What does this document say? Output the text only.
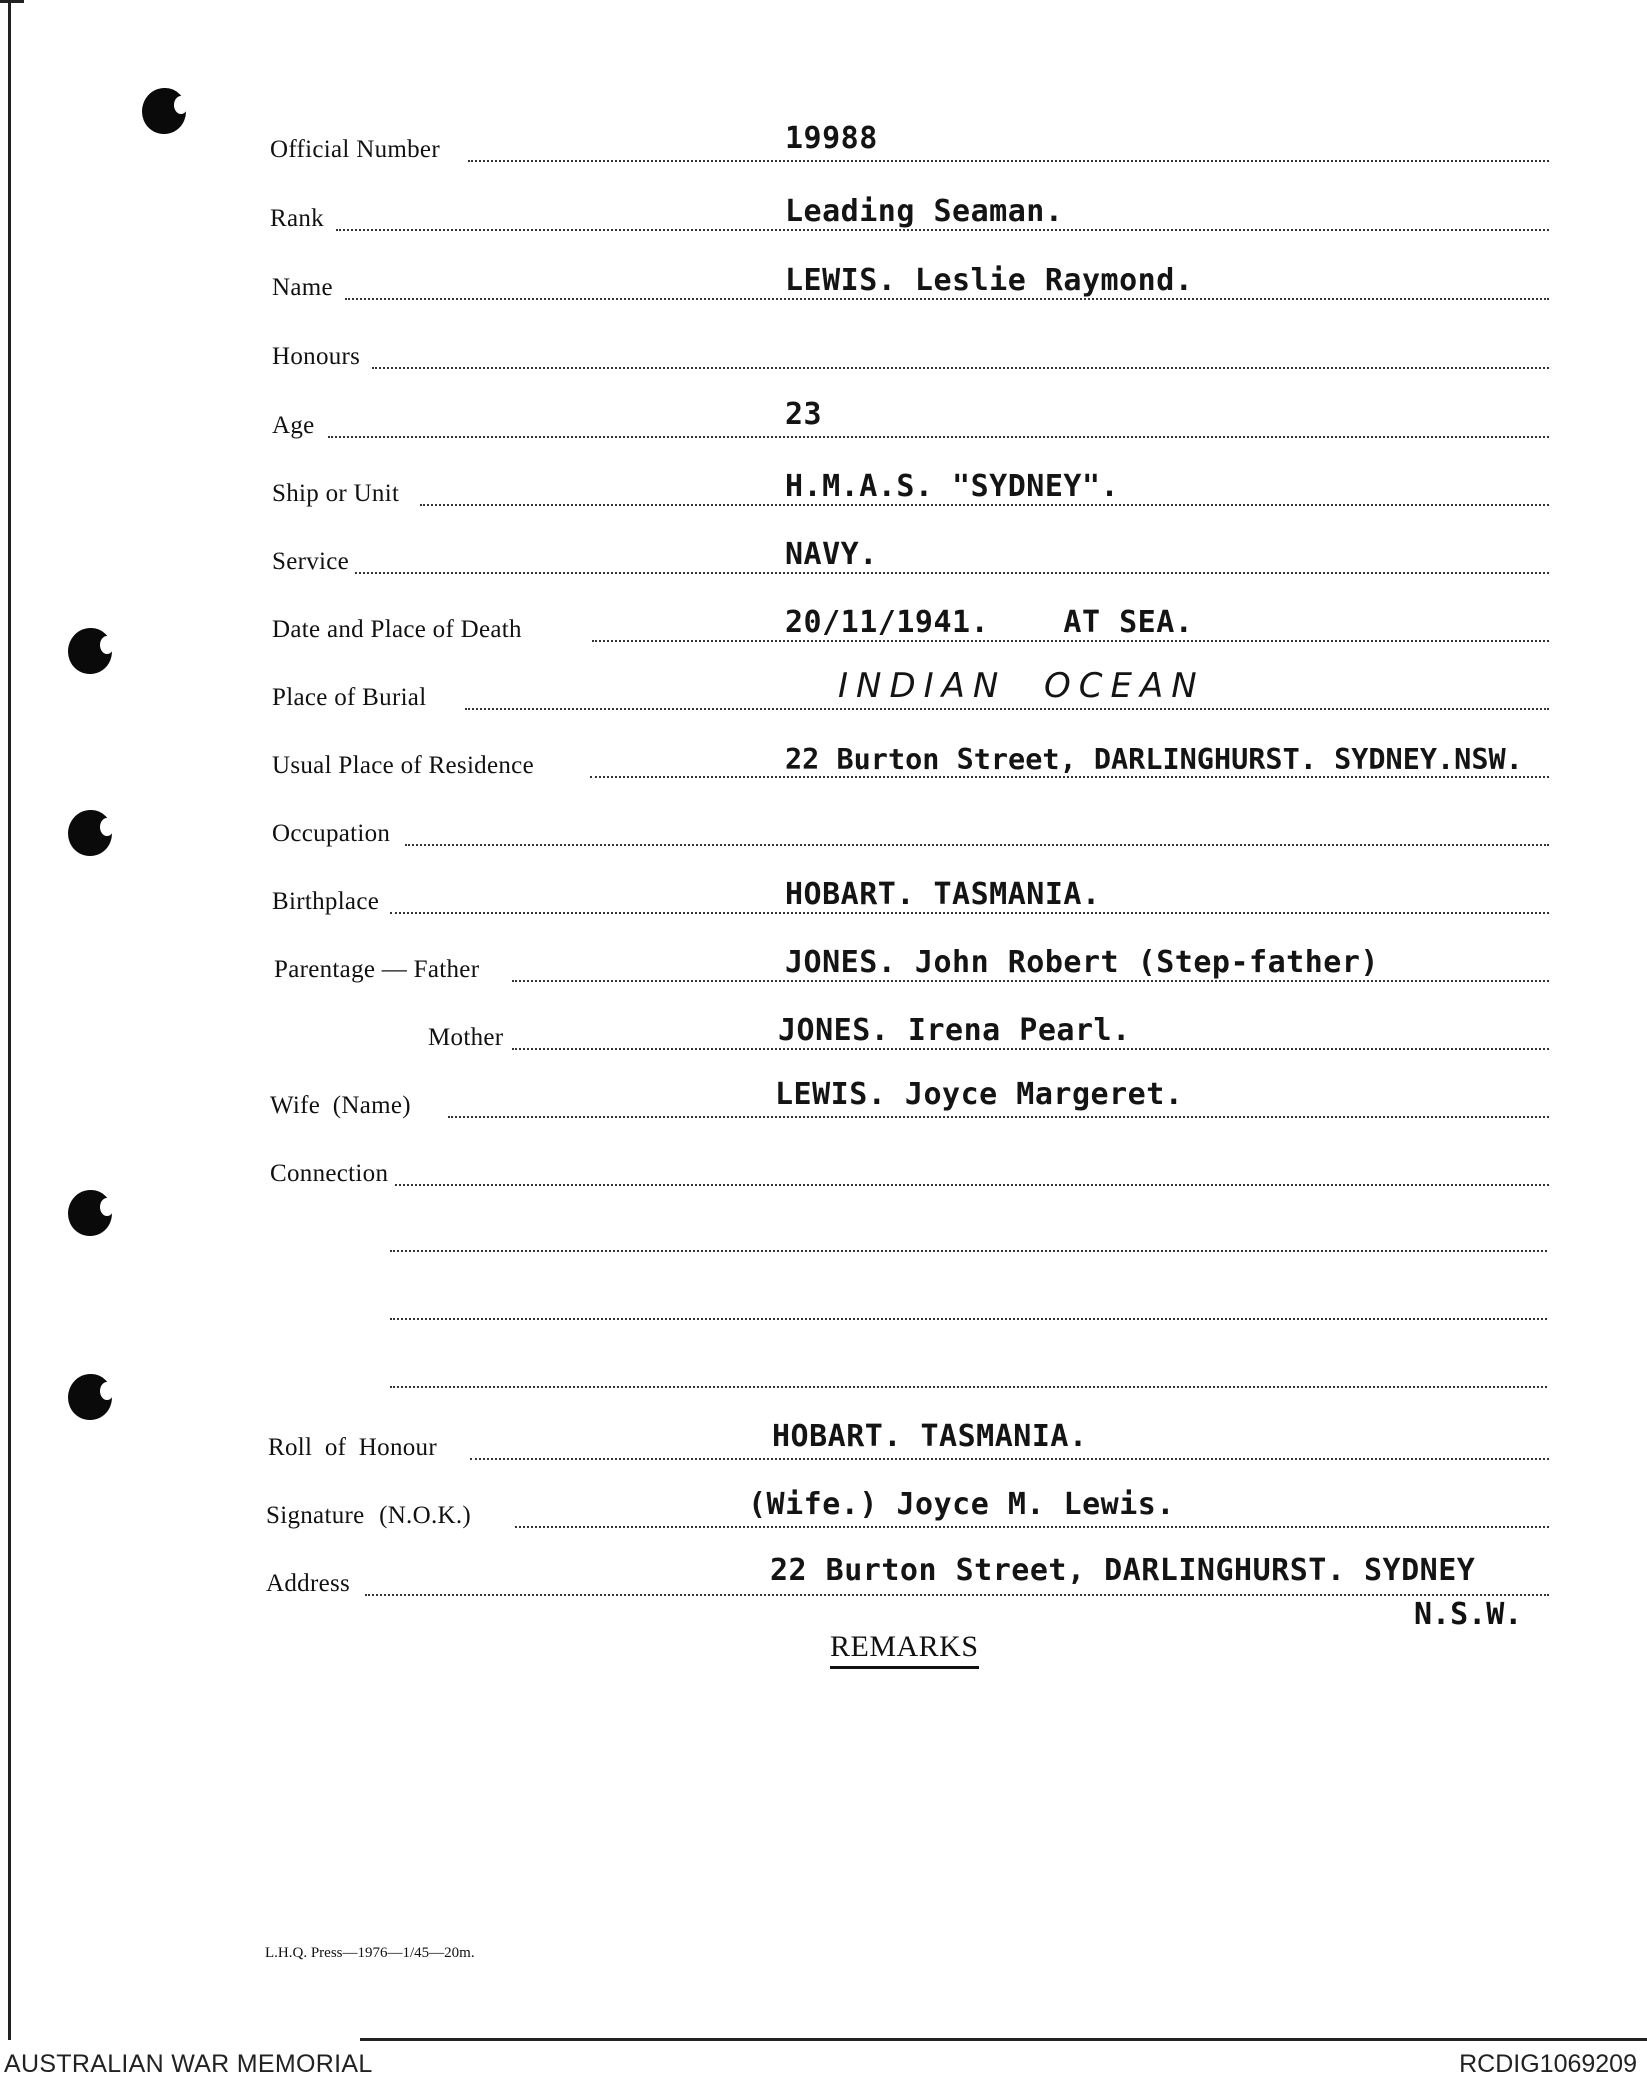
Official Number	19988
Rank	Leading Seaman.
Name	LEWIS. Leslie Raymond.
Honours
Age	23
Ship or Unit	H.M.A.S. "SYDNEY".
Service	NAVY.
Date and Place of Death	20/11/1941.    AT SEA.
Place of Burial	INDIAN  OCEAN
Usual Place of Residence	22 Burton Street, DARLINGHURST. SYDNEY.NSW.
Occupation
Birthplace	HOBART. TASMANIA.
Parentage — Father	JONES. John Robert (Step-father)
Mother	JONES. Irena Pearl.
Wife (Name)	LEWIS. Joyce Margeret.
Connection
Roll of Honour	HOBART. TASMANIA.
Signature (N.O.K.)	(Wife.) Joyce M. Lewis.
Address	22 Burton Street, DARLINGHURST. SYDNEY
N.S.W.
REMARKS
L.H.Q. Press—1976—1/45—20m.
AUSTRALIAN WAR MEMORIAL	RCDIG1069209
